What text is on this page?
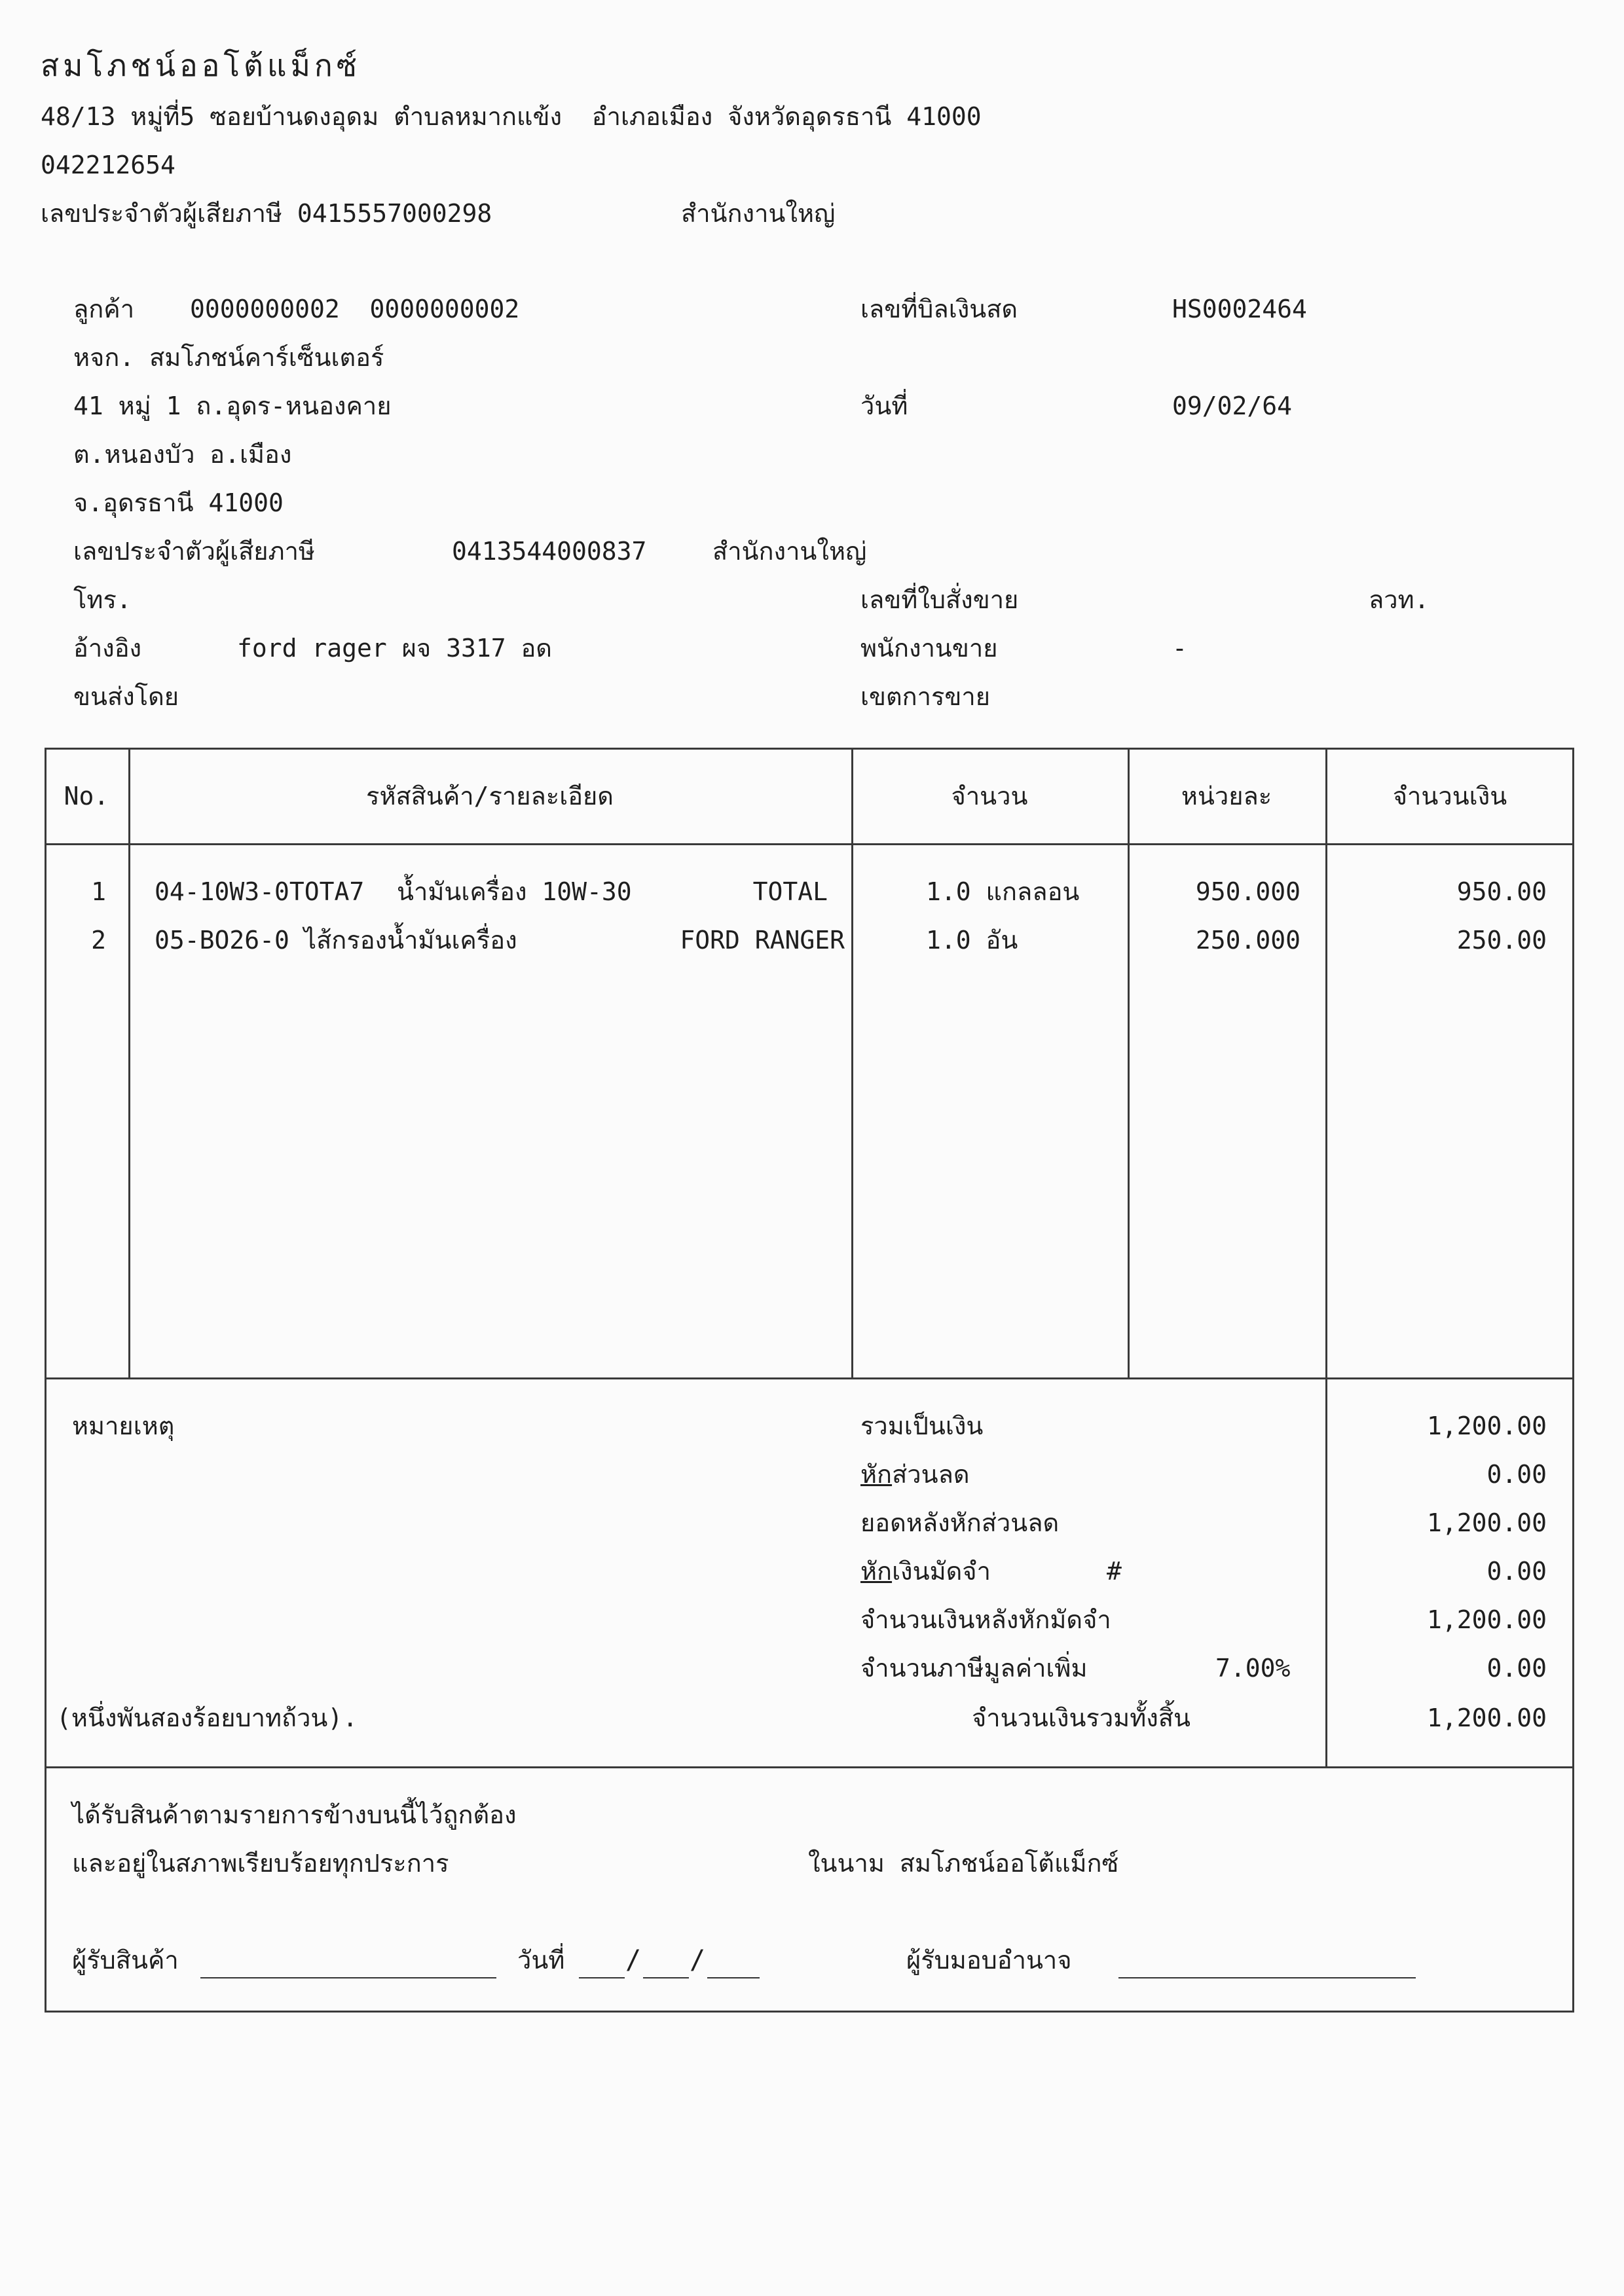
สมโภชน์ออโต้แม็กซ์
48/13 หมู่ที่5 ซอยบ้านดงอุดม ตำบลหมากแข้ง  อำเภอเมือง จังหวัดอุดรธานี 41000
042212654
เลขประจำตัวผู้เสียภาษี 0415557000298	สำนักงานใหญ่
ลูกค้า 0000000002  0000000002
หจก. สมโภชน์คาร์เซ็นเตอร์
41 หมู่ 1 ถ.อุดร-หนองคาย
ต.หนองบัว อ.เมือง
จ.อุดรธานี 41000
เลขประจำตัวผู้เสียภาษี	0413544000837	สำนักงานใหญ่
โทร.
อ้างอิง	ford rager ผจ 3317 อด
ขนส่งโดย
เลขที่บิลเงินสด	HS0002464
วันที่	09/02/64
เลขที่ใบสั่งขาย	ลวท.
พนักงานขาย	-
เขตการขาย
No.	รหัสสินค้า/รายละเอียด	จำนวน	หน่วยละ	จำนวนเงิน
1 04-10W3-0TOTA7 น้ำมันเครื่อง 10W-30	TOTAL	1.0 แกลลอน	950.000	950.00
2 05-BO26-0 ไส้กรองน้ำมันเครื่อง	FORD RANGER	1.0 อัน	250.000	250.00
หมายเหตุ
(หนึ่งพันสองร้อยบาทถ้วน).
รวมเป็นเงิน	1,200.00
หักส่วนลด	0.00
ยอดหลังหักส่วนลด	1,200.00
หักเงินมัดจำ	#	0.00
จำนวนเงินหลังหักมัดจำ	1,200.00
จำนวนภาษีมูลค่าเพิ่ม	7.00%	0.00
จำนวนเงินรวมทั้งสิ้น	1,200.00
ได้รับสินค้าตามรายการข้างบนนี้ไว้ถูกต้อง
และอยู่ในสภาพเรียบร้อยทุกประการ	ในนาม สมโภชน์ออโต้แม็กซ์
ผู้รับสินค้า	วันที่ / /	ผู้รับมอบอำนาจ
